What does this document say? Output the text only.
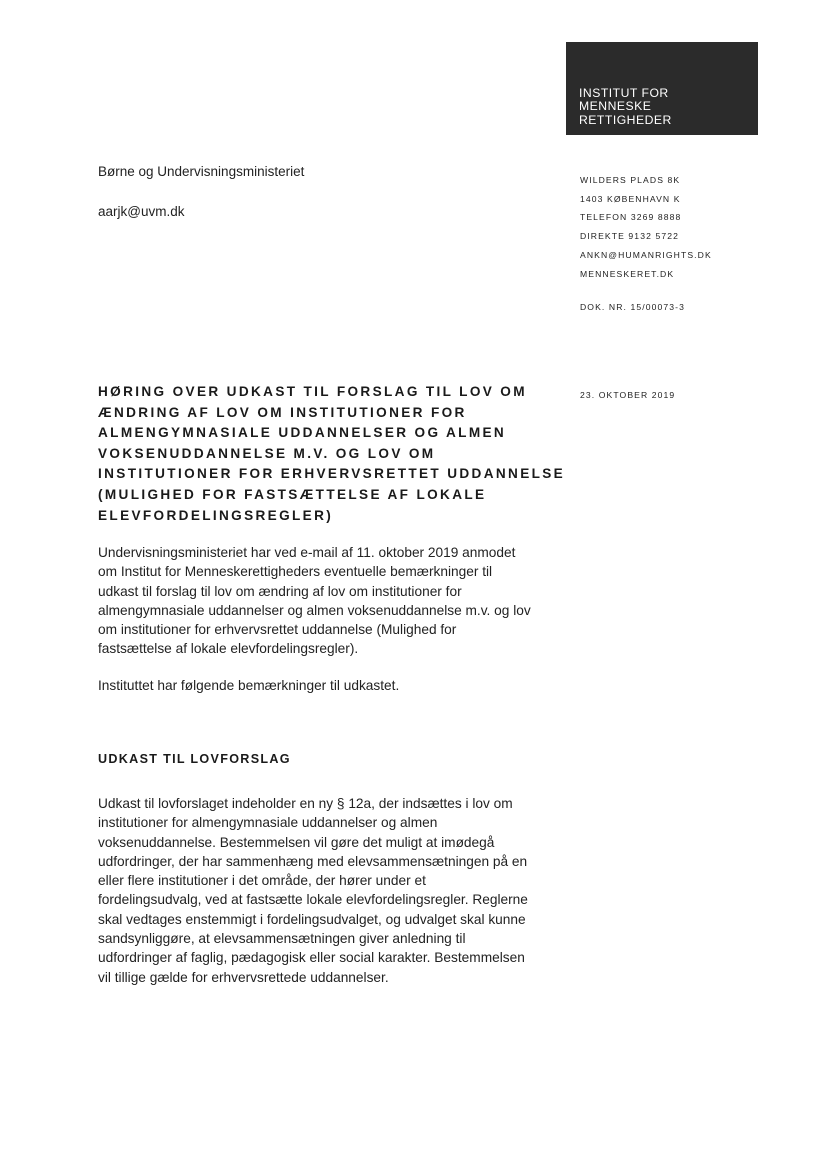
INSTITUT FOR
MENNESKE
RETTIGHEDER

Børne og Undervisningsministeriet
aarjk@uvm.dk
WILDERS PLADS 8K
1403 KØBENHAVN K
TELEFON 3269 8888
DIREKTE 9132 5722
ANKN@HUMANRIGHTS.DK
MENNESKERET.DK
DOK. NR. 15/00073-3
23. OKTOBER 2019
HØRING OVER UDKAST TIL FORSLAG TIL LOV OM
ÆNDRING AF LOV OM INSTITUTIONER FOR
ALMENGYMNASIALE UDDANNELSER OG ALMEN
VOKSENUDDANNELSE M.V. OG LOV OM
INSTITUTIONER FOR ERHVERVSRETTET UDDANNELSE
(MULIGHED FOR FASTSÆTTELSE AF LOKALE
ELEVFORDELINGSREGLER)

Undervisningsministeriet har ved e-mail af 11. oktober 2019 anmodet
om Institut for Menneskerettigheders eventuelle bemærkninger til
udkast til forslag til lov om ændring af lov om institutioner for
almengymnasiale uddannelser og almen voksenuddannelse m.v. og lov
om institutioner for erhvervsrettet uddannelse (Mulighed for
fastsættelse af lokale elevfordelingsregler).

Instituttet har følgende bemærkninger til udkastet.

UDKAST TIL LOVFORSLAG

Udkast til lovforslaget indeholder en ny § 12a, der indsættes i lov om
institutioner for almengymnasiale uddannelser og almen
voksenuddannelse. Bestemmelsen vil gøre det muligt at imødegå
udfordringer, der har sammenhæng med elevsammensætningen på en
eller flere institutioner i det område, der hører under et
fordelingsudvalg, ved at fastsætte lokale elevfordelingsregler. Reglerne
skal vedtages enstemmigt i fordelingsudvalget, og udvalget skal kunne
sandsynliggøre, at elevsammensætningen giver anledning til
udfordringer af faglig, pædagogisk eller social karakter. Bestemmelsen
vil tillige gælde for erhvervsrettede uddannelser.
